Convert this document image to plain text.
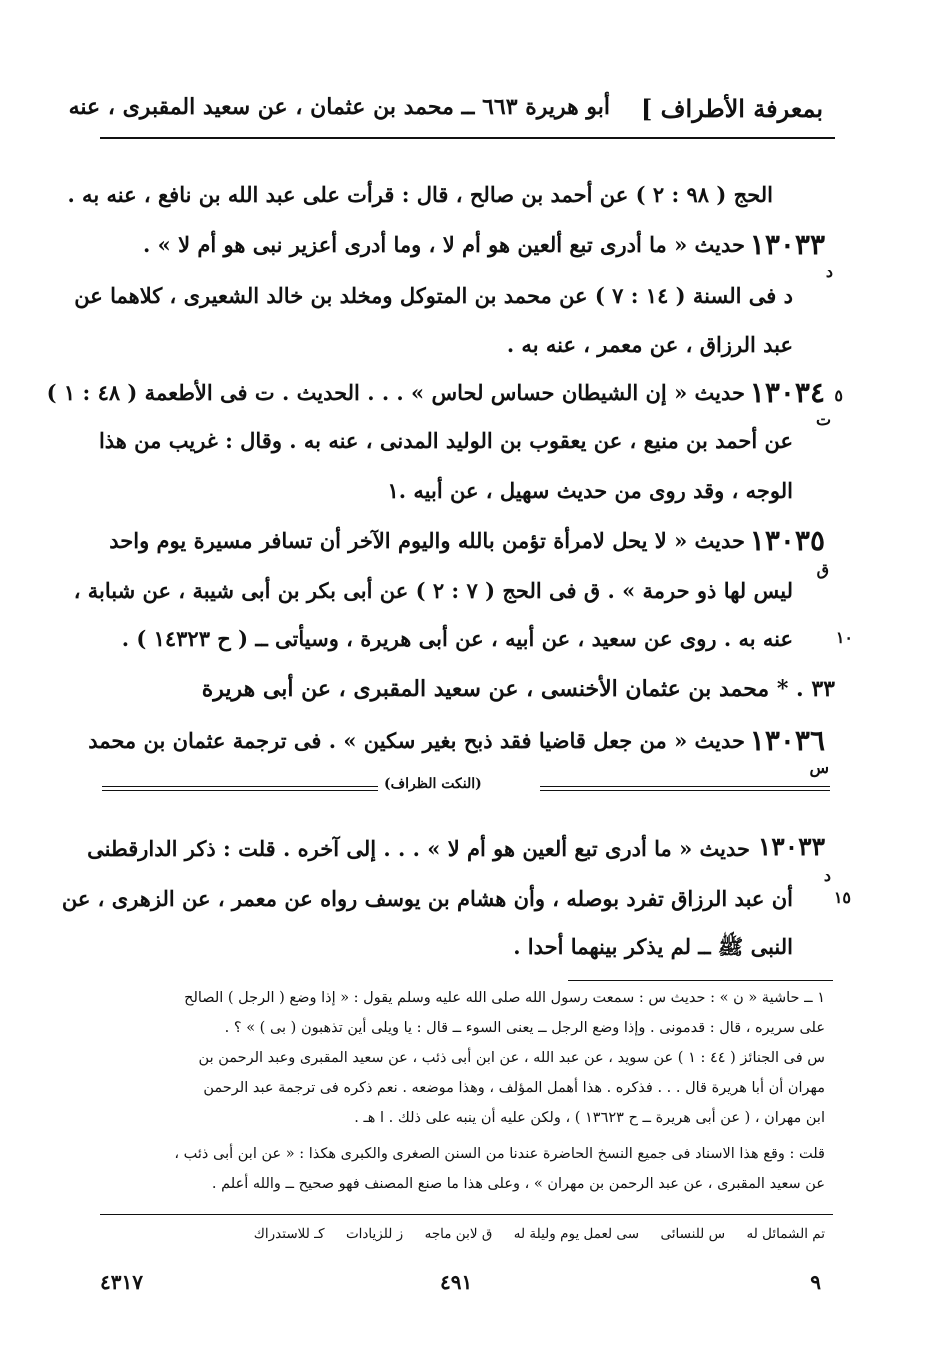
بمعرفة الأطراف ]
أبو هريرة ٦٦٣ ــ محمد بن عثمان ، عن سعيد المقبرى ، عنه
الحج ( ٩٨ : ٢ ) عن أحمد بن صالح ، قال : قرأت على عبد الله بن نافع ، عنه به .
١٣٠٣٣
حديث « ما أدرى تبع ألعين هو أم لا ، وما أدرى أعزير نبى هو أم لا » .
د
د فى السنة ( ١٤ : ٧ ) عن محمد بن المتوكل ومخلد بن خالد الشعيرى ، كلاهما عن
عبد الرزاق ، عن معمر ، عنه به .
١٣٠٣٤
حديث « إن الشيطان حساس لحاس » . . . الحديث . ت فى الأطعمة ( ٤٨ : ١ )	٥
ت
عن أحمد بن منيع ، عن يعقوب بن الوليد المدنى ، عنه به . وقال : غريب من هذا
الوجه ، وقد روى من حديث سهيل ، عن أبيه .١
١٣٠٣٥
حديث « لا يحل لامرأة تؤمن بالله واليوم الآخر أن تسافر مسيرة يوم واحد
ق
ليس لها ذو حرمة » . ق فى الحج ( ٧ : ٢ ) عن أبى بكر بن أبى شيبة ، عن شبابة ،
عنه به . روى عن سعيد ، عن أبيه ، عن أبى هريرة ، وسيأتى ــ ( ح ١٤٣٢٣ ) .	١٠
٣٣ . * محمد بن عثمان الأخنسى ، عن سعيد المقبرى ، عن أبى هريرة
١٣٠٣٦
حديث « من جعل قاضيا فقد ذبح بغير سكين » . فى ترجمة عثمان بن محمد
س
(النكت الظراف)
١٣٠٣٣
حديث « ما أدرى تبع ألعين هو أم لا » . . . إلى آخره . قلت : ذكر الدارقطنى
د
أن عبد الرزاق تفرد بوصله ، وأن هشام بن يوسف رواه عن معمر ، عن الزهرى ، عن	١٥
النبى ﷺ ــ لم يذكر بينهما أحدا .
١ ــ حاشية « ن » : حديث س : سمعت رسول الله صلى الله عليه وسلم يقول : « إذا وضع ( الرجل ) الصالح
على سريره ، قال : قدمونى . وإذا وضع الرجل ــ يعنى السوء ــ قال : يا ويلى أين تذهبون ( بى ) » ؟ .
س فى الجنائز ( ٤٤ : ١ ) عن سويد ، عن عبد الله ، عن ابن أبى ذئب ، عن سعيد المقبرى وعبد الرحمن بن
مهران أن أبا هريرة قال . . . فذكره . هذا أهمل المؤلف ، وهذا موضعه . نعم ذكره فى ترجمة عبد الرحمن
ابن مهران ، ( عن أبى هريرة ــ ح ١٣٦٢٣ ) ، ولكن عليه أن ينبه على ذلك . ا هـ .
قلت : وقع هذا الاسناد فى جميع النسخ الحاضرة عندنا من السنن الصغرى والكبرى هكذا : « عن ابن أبى ذئب ،
عن سعيد المقبرى ، عن عبد الرحمن بن مهران » ، وعلى هذا ما صنع المصنف فهو صحيح ــ والله أعلم .
تم الشمائل له     س للنسائى     سى لعمل يوم وليلة له     ق لابن ماجه     ز للزيادات     كـ للاستدراك
٩
٤٩١
٤٣١٧
